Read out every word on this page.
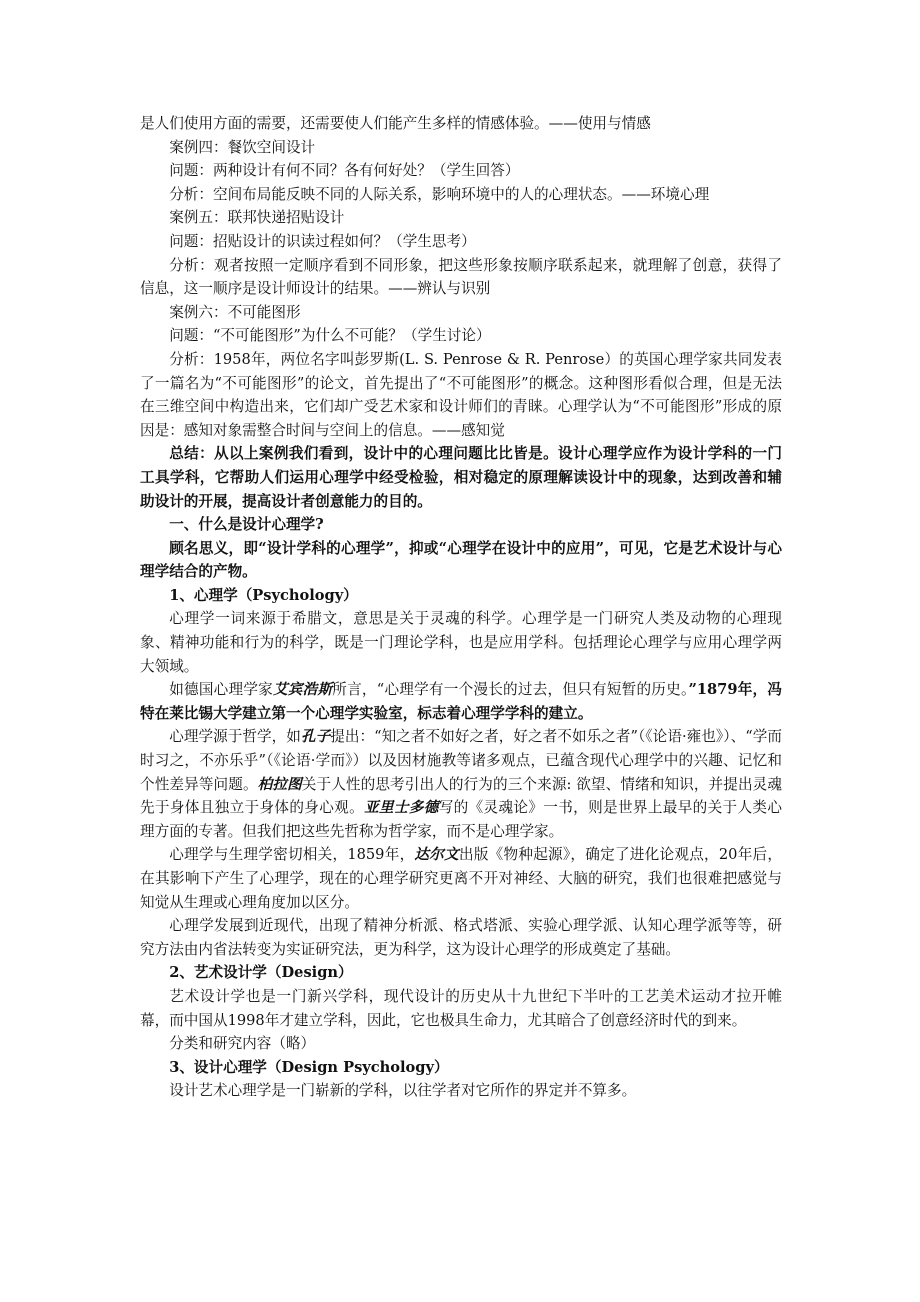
是人们使用方面的需要，还需要使人们能产生多样的情感体验。——使用与情感

案例四：餐饮空间设计

问题：两种设计有何不同？各有何好处？（学生回答）

分析：空间布局能反映不同的人际关系，影响环境中的人的心理状态。——环境心理

案例五：联邦快递招贴设计

问题：招贴设计的识读过程如何？（学生思考）

分析：观者按照一定顺序看到不同形象，把这些形象按顺序联系起来，就理解了创意，获得了信息，这一顺序是设计师设计的结果。——辨认与识别

案例六：不可能图形

问题：“不可能图形”为什么不可能？（学生讨论）

分析：1958年，两位名字叫彭罗斯(L. S. Penrose & R. Penrose）的英国心理学家共同发表了一篇名为“不可能图形”的论文，首先提出了“不可能图形”的概念。这种图形看似合理，但是无法在三维空间中构造出来，它们却广受艺术家和设计师们的青睐。心理学认为“不可能图形”形成的原因是：感知对象需整合时间与空间上的信息。——感知觉

总结：从以上案例我们看到，设计中的心理问题比比皆是。设计心理学应作为设计学科的一门工具学科，它帮助人们运用心理学中经受检验，相对稳定的原理解读设计中的现象，达到改善和辅助设计的开展，提高设计者创意能力的目的。

一、什么是设计心理学?

顾名思义，即“设计学科的心理学”，抑或“心理学在设计中的应用”，可见，它是艺术设计与心理学结合的产物。

1、心理学（Psychology）

心理学一词来源于希腊文，意思是关于灵魂的科学。心理学是一门研究人类及动物的心理现象、精神功能和行为的科学，既是一门理论学科，也是应用学科。包括理论心理学与应用心理学两大领域。

如德国心理学家艾宾浩斯所言，“心理学有一个漫长的过去，但只有短暂的历史。”1879年，冯特在莱比锡大学建立第一个心理学实验室，标志着心理学学科的建立。

心理学源于哲学，如孔子提出：“知之者不如好之者，好之者不如乐之者”（《论语·雍也》）、“学而时习之，不亦乐乎”（《论语·学而》）以及因材施教等诸多观点，已蕴含现代心理学中的兴趣、记忆和个性差异等问题。柏拉图关于人性的思考引出人的行为的三个来源: 欲望、情绪和知识，并提出灵魂先于身体且独立于身体的身心观。亚里士多德写的《灵魂论》一书，则是世界上最早的关于人类心理方面的专著。但我们把这些先哲称为哲学家，而不是心理学家。

心理学与生理学密切相关，1859年，达尔文出版《物种起源》，确定了进化论观点，20年后，在其影响下产生了心理学，现在的心理学研究更离不开对神经、大脑的研究，我们也很难把感觉与知觉从生理或心理角度加以区分。

心理学发展到近现代，出现了精神分析派、格式塔派、实验心理学派、认知心理学派等等，研究方法由内省法转变为实证研究法，更为科学，这为设计心理学的形成奠定了基础。

2、艺术设计学（Design）

艺术设计学也是一门新兴学科，现代设计的历史从十九世纪下半叶的工艺美术运动才拉开帷幕，而中国从1998年才建立学科，因此，它也极具生命力，尤其暗合了创意经济时代的到来。

分类和研究内容（略）

3、设计心理学（Design Psychology）

设计艺术心理学是一门崭新的学科，以往学者对它所作的界定并不算多。
